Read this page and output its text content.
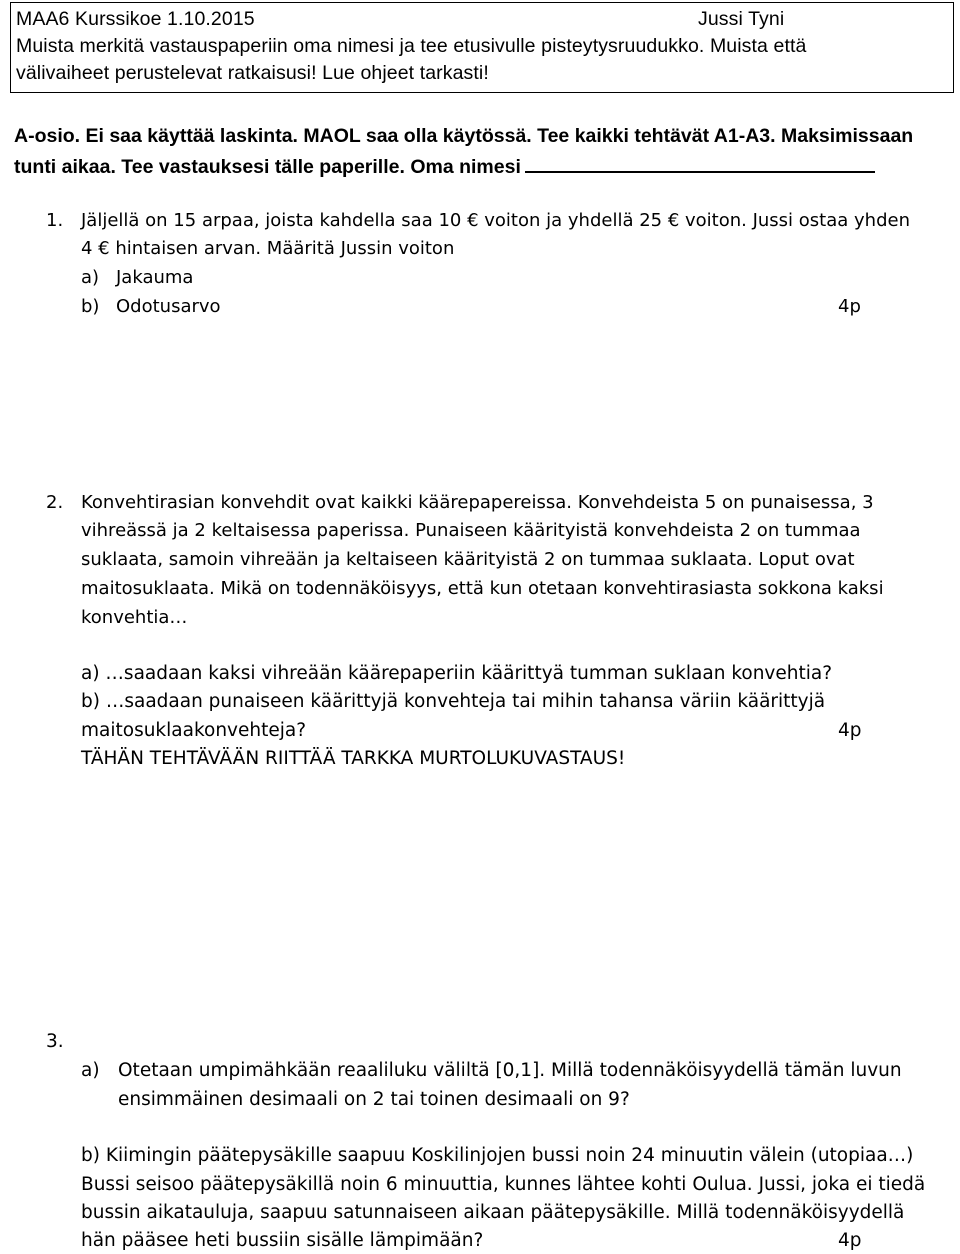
MAA6 Kurssikoe 1.10.2015	Jussi Tyni
Muista merkitä vastauspaperiin oma nimesi ja tee etusivulle pisteytysruudukko. Muista että
välivaiheet perustelevat ratkaisusi! Lue ohjeet tarkasti!
A-osio. Ei saa käyttää laskinta. MAOL saa olla käytössä. Tee kaikki tehtävät A1-A3. Maksimissaan
tunti aikaa. Tee vastauksesi tälle paperille. Oma nimesi
1. Jäljellä on 15 arpaa, joista kahdella saa 10 € voiton ja yhdellä 25 € voiton. Jussi ostaa yhden
4 € hintaisen arvan. Määritä Jussin voiton
a) Jakauma
b) Odotusarvo	4p
2. Konvehtirasian konvehdit ovat kaikki käärepapereissa. Konvehdeista 5 on punaisessa, 3
vihreässä ja 2 keltaisessa paperissa. Punaiseen käärityistä konvehdeista 2 on tummaa
suklaata, samoin vihreään ja keltaiseen käärityistä 2 on tummaa suklaata. Loput ovat
maitosuklaata. Mikä on todennäköisyys, että kun otetaan konvehtirasiasta sokkona kaksi
konvehtia…
a) …saadaan kaksi vihreään käärepaperiin käärittyä tumman suklaan konvehtia?
b) …saadaan punaiseen käärittyjä konvehteja tai mihin tahansa väriin käärittyjä
maitosuklaakonvehteja?	4p
TÄHÄN TEHTÄVÄÄN RIITTÄÄ TARKKA MURTOLUKUVASTAUS!
3.
a) Otetaan umpimähkään reaaliluku väliltä [0,1]. Millä todennäköisyydellä tämän luvun
ensimmäinen desimaali on 2 tai toinen desimaali on 9?
b) Kiimingin päätepysäkille saapuu Koskilinjojen bussi noin 24 minuutin välein (utopiaa…)
Bussi seisoo päätepysäkillä noin 6 minuuttia, kunnes lähtee kohti Oulua. Jussi, joka ei tiedä
bussin aikatauluja, saapuu satunnaiseen aikaan päätepysäkille. Millä todennäköisyydellä
hän pääsee heti bussiin sisälle lämpimään?	4p
